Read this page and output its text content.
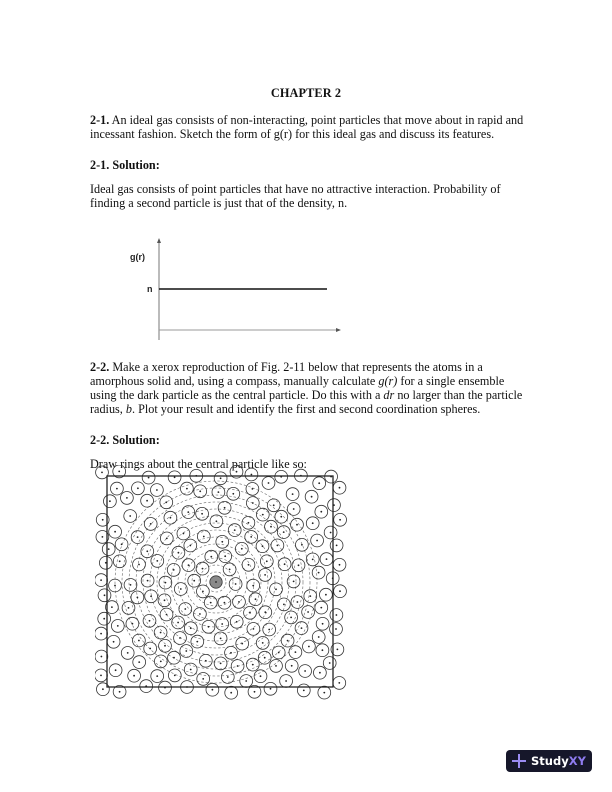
CHAPTER 2
2-1. An ideal gas consists of non-interacting, point particles that move about in rapid and incessant fashion. Sketch the form of g(r) for this ideal gas and discuss its features.
2-1. Solution:
Ideal gas consists of point particles that have no attractive interaction. Probability of finding a second particle is just that of the density, n.
g(r)
n
2-2. Make a xerox reproduction of Fig. 2-11 below that represents the atoms in a amorphous solid and, using a compass, manually calculate g(r) for a single ensemble using the dark particle as the central particle. Do this with a dr no larger than the particle radius, b. Plot your result and identify the first and second coordination spheres.
2-2. Solution:
Draw rings about the central particle like so:
StudyXY
